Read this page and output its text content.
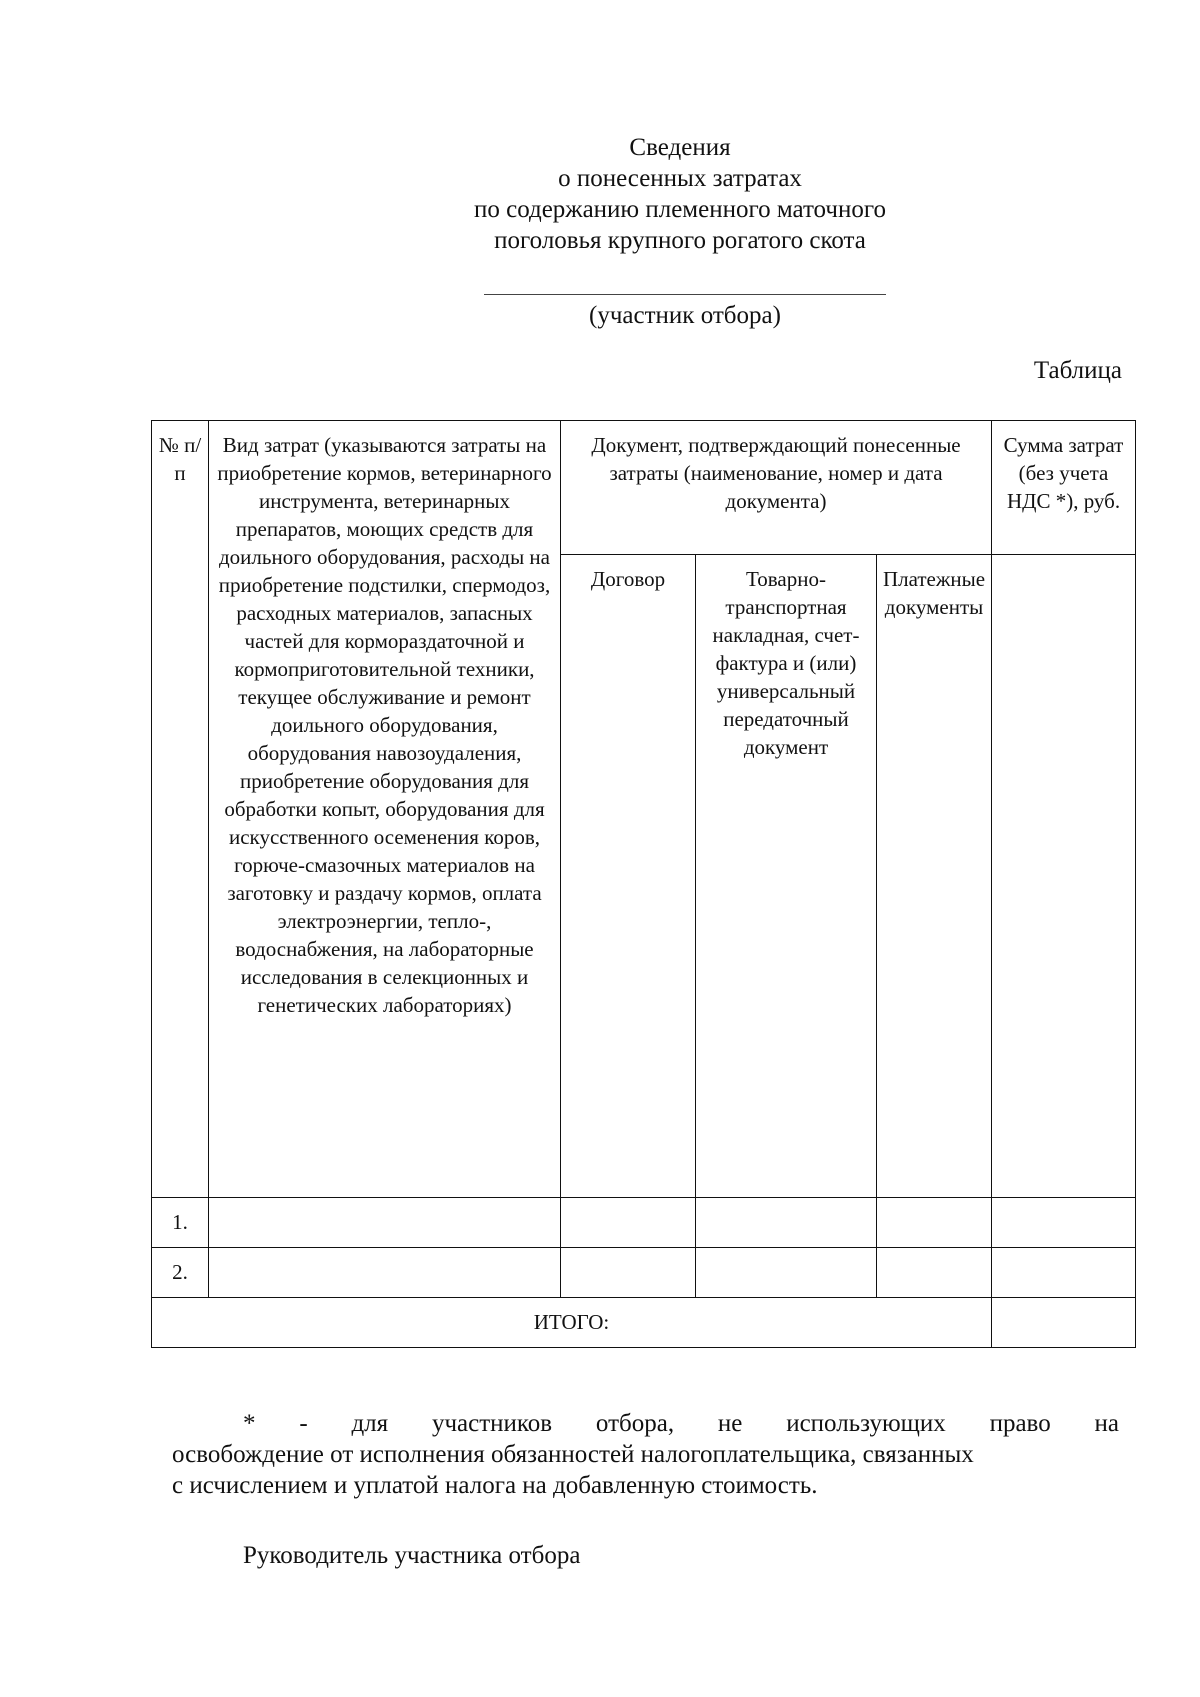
Сведения
о понесенных затратах
по содержанию племенного маточного
поголовья крупного рогатого скота
(участник отбора)
Таблица
№ п/п	Вид затрат (указываются затраты на приобретение кормов, ветеринарного инструмента, ветеринарных препаратов, моющих средств для доильного оборудования, расходы на приобретение подстилки, спермодоз, расходных материалов, запасных частей для кормораздаточной и кормоприготовительной техники, текущее обслуживание и ремонт доильного оборудования, оборудования навозоудаления, приобретение оборудования для обработки копыт, оборудования для искусственного осеменения коров, горюче-смазочных материалов на заготовку и раздачу кормов, оплата электроэнергии, тепло-, водоснабжения, на лабораторные исследования в селекционных и генетических лабораториях)	Документ, подтверждающий понесенные затраты (наименование, номер и дата документа)			Сумма затрат (без учета НДС *), руб.
		Договор	Товарно-транспортная накладная, счет-фактура и (или) универсальный передаточный документ	Платежные документы	
1.					
2.					
ИТОГО:					
* - для участников отбора, не использующих право на
освобождение от исполнения обязанностей налогоплательщика, связанных
с исчислением и уплатой налога на добавленную стоимость.
Руководитель участника отбора
